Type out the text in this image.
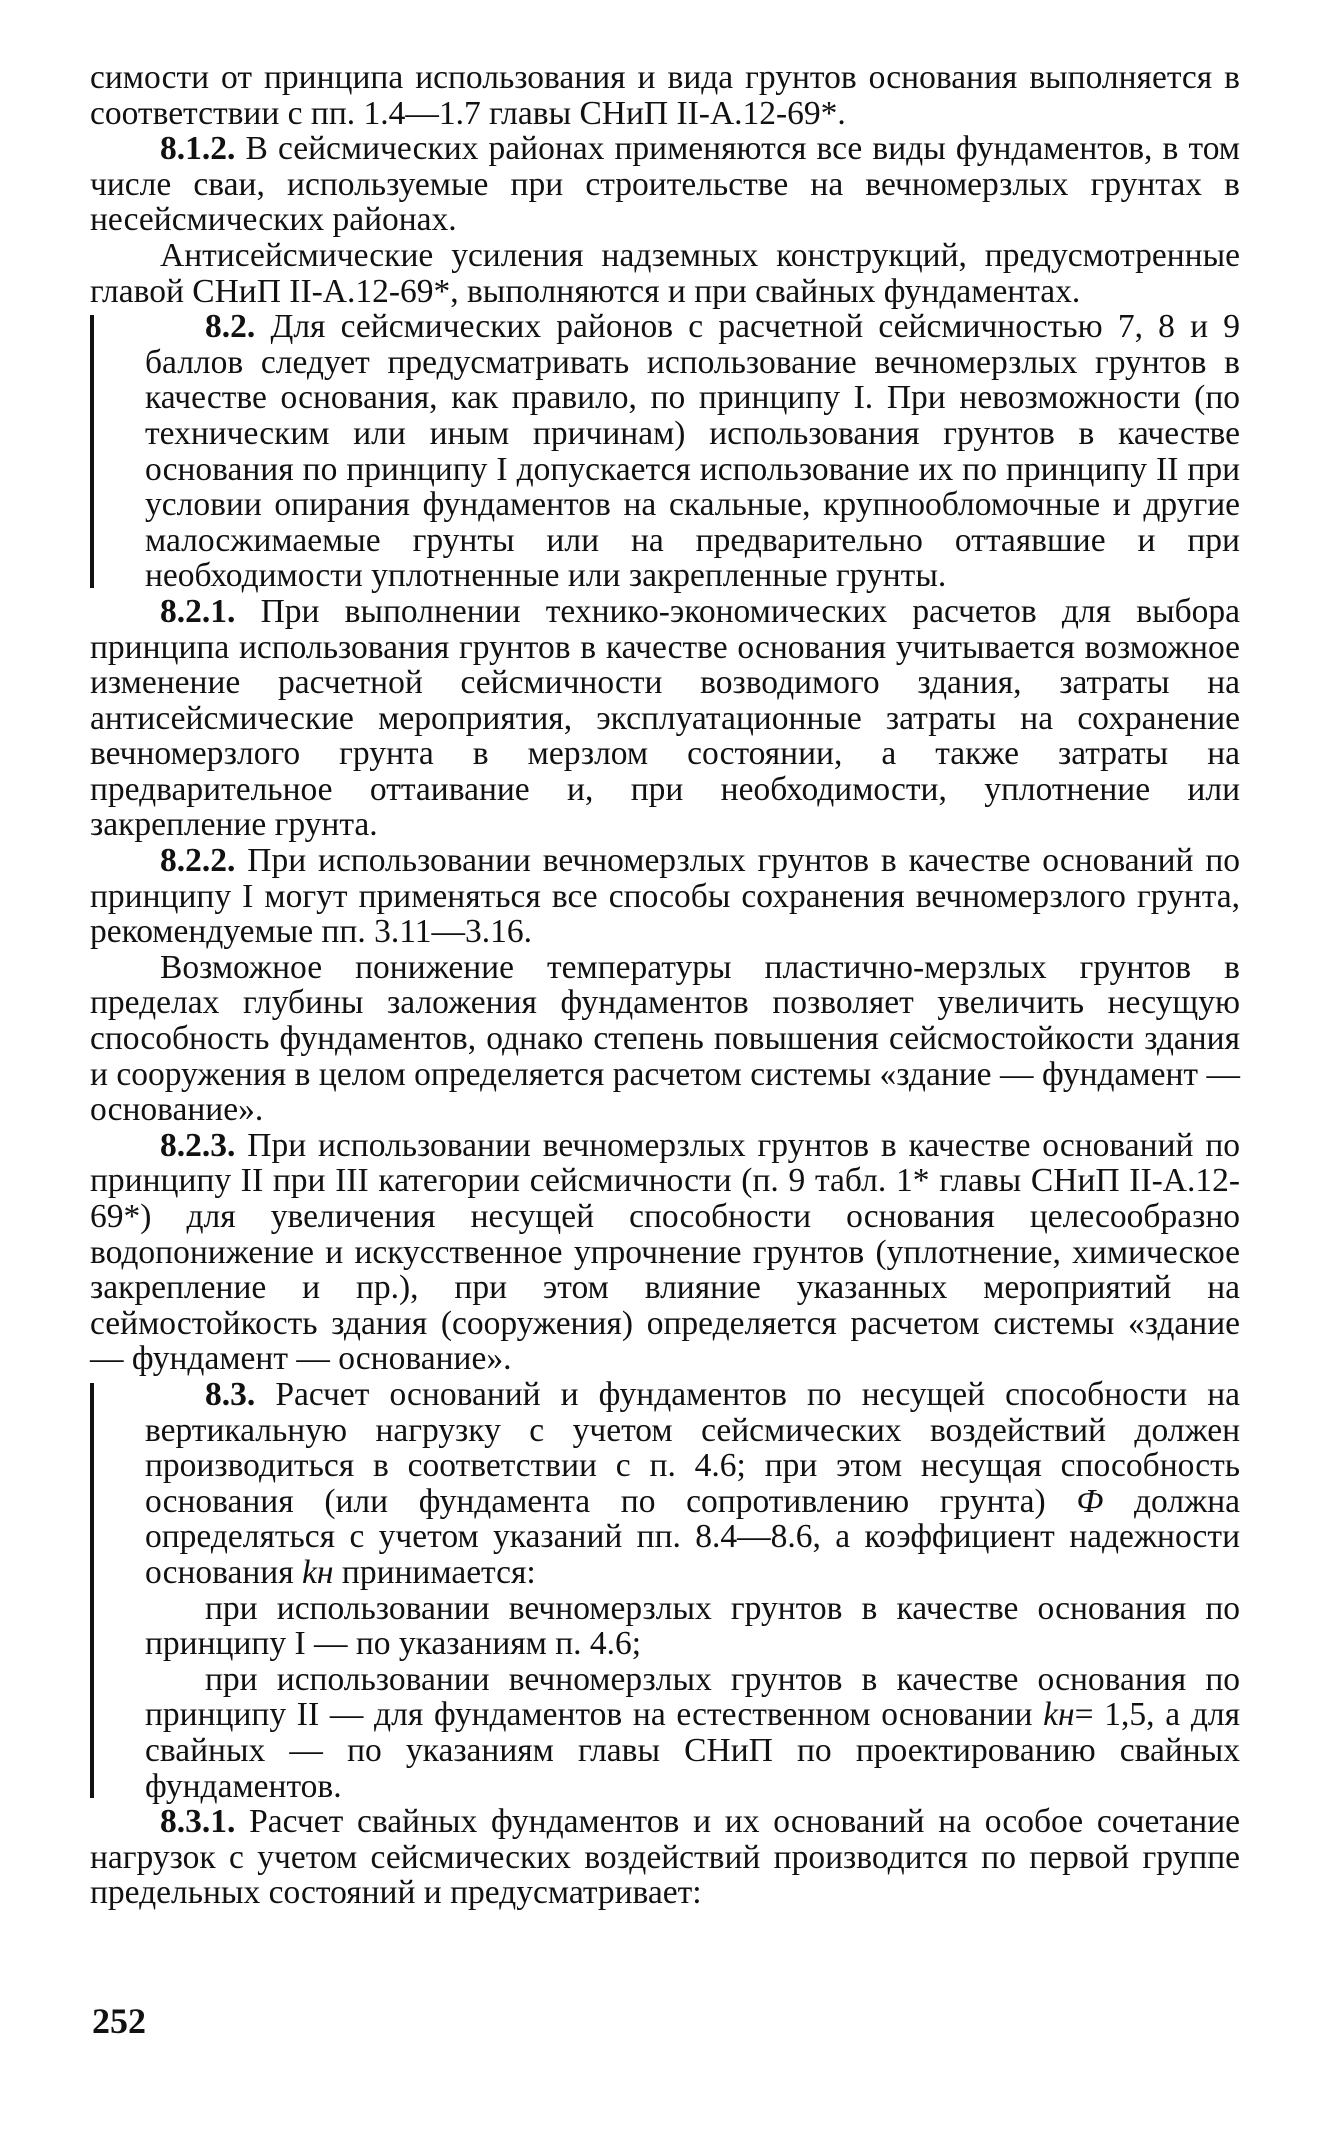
симости от принципа использования и вида грунтов основания выполняется в соответствии с пп. 1.4—1.7 главы СНиП II-А.12-69*.

8.1.2. В сейсмических районах применяются все виды фундаментов, в том числе сваи, используемые при строительстве на вечномерзлых грунтах в несейсмических районах.

Антисейсмические усиления надземных конструкций, предусмотренные главой СНиП II-А.12-69*, выполняются и при свайных фундаментах.

8.2. Для сейсмических районов с расчетной сейсмичностью 7, 8 и 9 баллов следует предусматривать использование вечномерзлых грунтов в качестве основания, как правило, по принципу I. При невозможности (по техническим или иным причинам) использования грунтов в качестве основания по принципу I допускается использование их по принципу II при условии опирания фундаментов на скальные, крупнообломочные и другие малосжимаемые грунты или на предварительно оттаявшие и при необходимости уплотненные или закрепленные грунты.

8.2.1. При выполнении технико-экономических расчетов для выбора принципа использования грунтов в качестве основания учитывается возможное изменение расчетной сейсмичности возводимого здания, затраты на антисейсмические мероприятия, эксплуатационные затраты на сохранение вечномерзлого грунта в мерзлом состоянии, а также затраты на предварительное оттаивание и, при необходимости, уплотнение или закрепление грунта.

8.2.2. При использовании вечномерзлых грунтов в качестве оснований по принципу I могут применяться все способы сохранения вечномерзлого грунта, рекомендуемые пп. 3.11—3.16.

Возможное понижение температуры пластично-мерзлых грунтов в пределах глубины заложения фундаментов позволяет увеличить несущую способность фундаментов, однако степень повышения сейсмостойкости здания и сооружения в целом определяется расчетом системы «здание — фундамент — основание».

8.2.3. При использовании вечномерзлых грунтов в качестве оснований по принципу II при III категории сейсмичности (п. 9 табл. 1* главы СНиП II-А.12-69*) для увеличения несущей способности основания целесообразно водопонижение и искусственное упрочнение грунтов (уплотнение, химическое закрепление и пр.), при этом влияние указанных мероприятий на сеймостойкость здания (сооружения) определяется расчетом системы «здание — фундамент — основание».

8.3. Расчет оснований и фундаментов по несущей способности на вертикальную нагрузку с учетом сейсмических воздействий должен производиться в соответствии с п. 4.6; при этом несущая способность основания (или фундамента по сопротивлению грунта) Ф должна определяться с учетом указаний пп. 8.4—8.6, а коэффициент надежности основания kн принимается:

при использовании вечномерзлых грунтов в качестве основания по принципу I — по указаниям п. 4.6;

при использовании вечномерзлых грунтов в качестве основания по принципу II — для фундаментов на естественном основании kн= 1,5, а для свайных — по указаниям главы СНиП по проектированию свайных фундаментов.

8.3.1. Расчет свайных фундаментов и их оснований на особое сочетание нагрузок с учетом сейсмических воздействий производится по первой группе предельных состояний и предусматривает:

252
